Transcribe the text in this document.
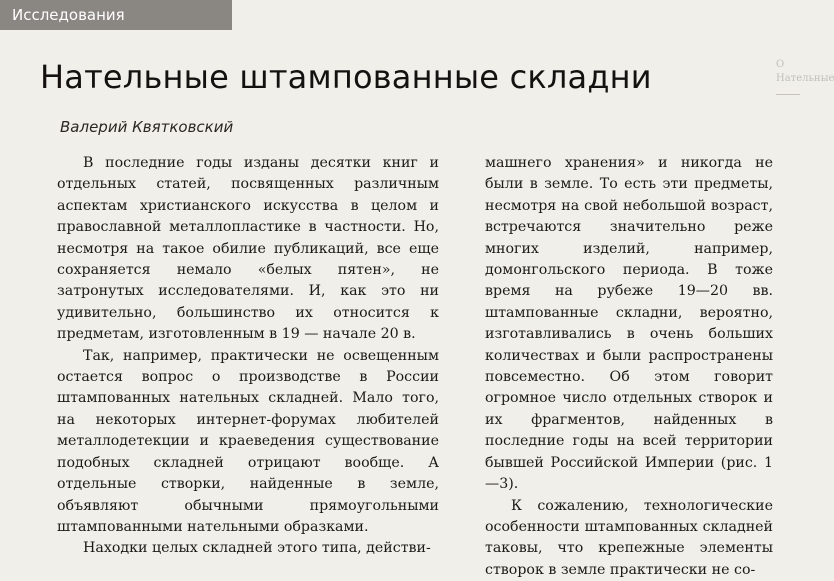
Исследования
Нательные штампованные складни
Валерий Квятковский

В последние годы изданы десятки книг и отдельных статей, посвященных различным аспектам христианского искусства в целом и православной металлопластике в частности. Но, несмотря на такое обилие публикаций, все еще сохраняется немало «белых пятен», не затронутых исследователями. И, как это ни удивительно, большинство их относится к предметам, изготовленным в 19 — начале 20 в.

Так, например, практически не освещенным остается вопрос о производстве в России штампованных нательных складней. Мало того, на некоторых интернет-форумах любителей металлодетекции и краеведения существование подобных складней отрицают вообще. А отдельные створки, найденные в земле, объявляют обычными прямоугольными штампованными нательными образками.

Находки целых складней этого типа, действи-

машнего хранения» и никогда не были в земле. То есть эти предметы, несмотря на свой небольшой возраст, встречаются значительно реже многих изделий, например, домонгольского периода. В тоже время на рубеже 19—20 вв. штампованные складни, вероятно, изготавливались в очень больших количествах и были распространены повсеместно. Об этом говорит огромное число отдельных створок и их фрагментов, найденных в последние годы на всей территории бывшей Российской Империи (рис. 1—3).

К сожалению, технологические особенности штампованных складней таковы, что крепежные элементы створок в земле практически не со-

О Нательные
